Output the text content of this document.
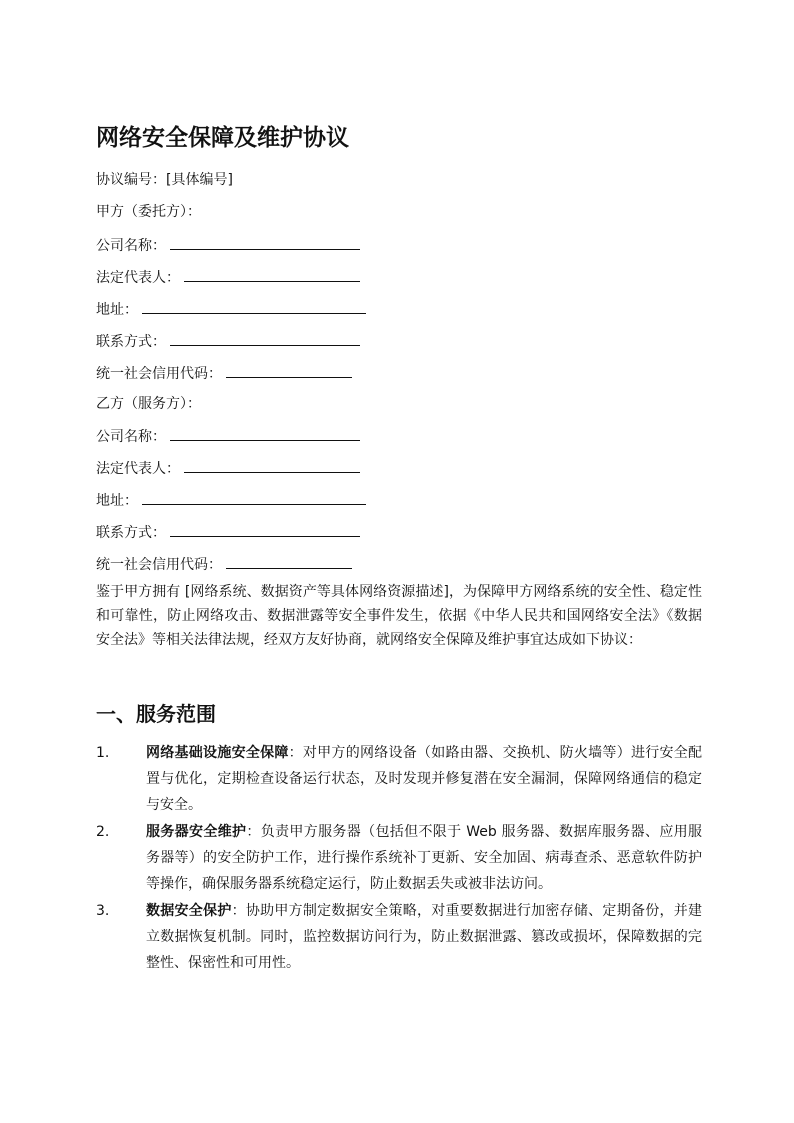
网络安全保障及维护协议
协议编号：[具体编号]
甲方（委托方）：
公司名称：
法定代表人：
地址：
联系方式：
统一社会信用代码：
乙方（服务方）：
公司名称：
法定代表人：
地址：
联系方式：
统一社会信用代码：
鉴于甲方拥有 [网络系统、数据资产等具体网络资源描述]，为保障甲方网络系统的安全性、稳定性和可靠性，防止网络攻击、数据泄露等安全事件发生，依据《中华人民共和国网络安全法》《数据安全法》等相关法律法规，经双方友好协商，就网络安全保障及维护事宜达成如下协议：
一、服务范围
1.	网络基础设施安全保障：对甲方的网络设备（如路由器、交换机、防火墙等）进行安全配置与优化，定期检查设备运行状态，及时发现并修复潜在安全漏洞，保障网络通信的稳定与安全。
2.	服务器安全维护：负责甲方服务器（包括但不限于 Web 服务器、数据库服务器、应用服务器等）的安全防护工作，进行操作系统补丁更新、安全加固、病毒查杀、恶意软件防护等操作，确保服务器系统稳定运行，防止数据丢失或被非法访问。
3.	数据安全保护：协助甲方制定数据安全策略，对重要数据进行加密存储、定期备份，并建立数据恢复机制。同时，监控数据访问行为，防止数据泄露、篡改或损坏，保障数据的完整性、保密性和可用性。
